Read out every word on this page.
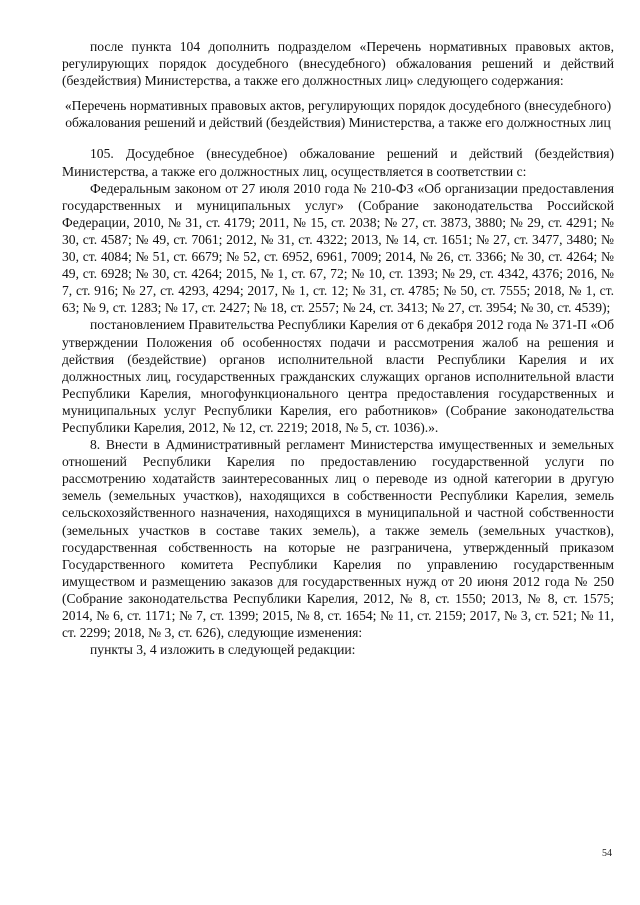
после пункта 104 дополнить подразделом «Перечень нормативных правовых актов, регулирующих порядок досудебного (внесудебного) обжалования решений и действий (бездействия) Министерства, а также его должностных лиц» следующего содержания:

«Перечень нормативных правовых актов, регулирующих порядок досудебного (внесудебного) обжалования решений и действий (бездействия) Министерства, а также его должностных лиц

105. Досудебное (внесудебное) обжалование решений и действий (бездействия) Министерства, а также его должностных лиц, осуществляется в соответствии с:

Федеральным законом от 27 июля 2010 года № 210-ФЗ «Об организации предоставления государственных и муниципальных услуг» (Собрание законодательства Российской Федерации, 2010, № 31, ст. 4179; 2011, № 15, ст. 2038; № 27, ст. 3873, 3880; № 29, ст. 4291; № 30, ст. 4587; № 49, ст. 7061; 2012, № 31, ст. 4322; 2013, № 14, ст. 1651; № 27, ст. 3477, 3480; № 30, ст. 4084; № 51, ст. 6679; № 52, ст. 6952, 6961, 7009; 2014, № 26, ст. 3366; № 30, ст. 4264; № 49, ст. 6928; № 30, ст. 4264; 2015, № 1, ст. 67, 72; № 10, ст. 1393; № 29, ст. 4342, 4376; 2016, № 7, ст. 916; № 27, ст. 4293, 4294; 2017, № 1, ст. 12; № 31, ст. 4785; № 50, ст. 7555; 2018, № 1, ст. 63; № 9, ст. 1283; № 17, ст. 2427; № 18, ст. 2557; № 24, ст. 3413; № 27, ст. 3954; № 30, ст. 4539);

постановлением Правительства Республики Карелия от 6 декабря 2012 года № 371-П «Об утверждении Положения об особенностях подачи и рассмотрения жалоб на решения и действия (бездействие) органов исполнительной власти Республики Карелия и их должностных лиц, государственных гражданских служащих органов исполнительной власти Республики Карелия, многофункционального центра предоставления государственных и муниципальных услуг Республики Карелия, его работников» (Собрание законодательства Республики Карелия, 2012, № 12, ст. 2219; 2018, № 5, ст. 1036).».

8. Внести в Административный регламент Министерства имущественных и земельных отношений Республики Карелия по предоставлению государственной услуги по рассмотрению ходатайств заинтересованных лиц о переводе из одной категории в другую земель (земельных участков), находящихся в собственности Республики Карелия, земель сельскохозяйственного назначения, находящихся в муниципальной и частной собственности (земельных участков в составе таких земель), а также земель (земельных участков), государственная собственность на которые не разграничена, утвержденный приказом Государственного комитета Республики Карелия по управлению государственным имуществом и размещению заказов для государственных нужд от 20 июня 2012 года № 250 (Собрание законодательства Республики Карелия, 2012, № 8, ст. 1550; 2013, № 8, ст. 1575; 2014, № 6, ст. 1171; № 7, ст. 1399; 2015, № 8, ст. 1654; № 11, ст. 2159; 2017, № 3, ст. 521; № 11, ст. 2299; 2018, № 3, ст. 626), следующие изменения:

пункты 3, 4 изложить в следующей редакции:

54
